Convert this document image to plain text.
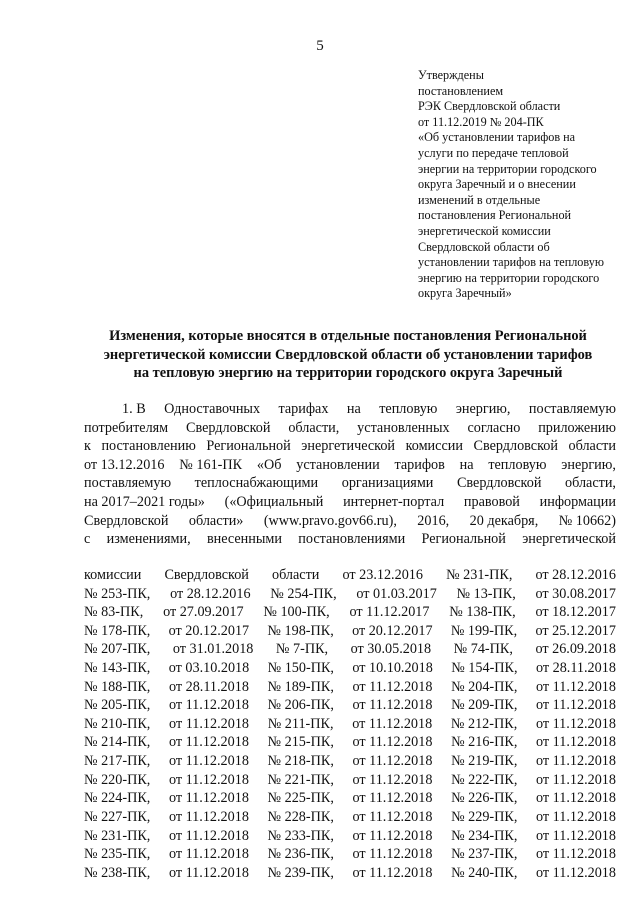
5
Утверждены
постановлением
РЭК Свердловской области
от 11.12.2019 № 204-ПК
«Об установлении тарифов на
услуги по передаче тепловой
энергии на территории городского
округа Заречный и о внесении
изменений в отдельные
постановления Региональной
энергетической комиссии
Свердловской области об
установлении тарифов на тепловую
энергию на территории городского
округа Заречный»
Изменения, которые вносятся в отдельные постановления Региональной
энергетической комиссии Свердловской области об установлении тарифов
на тепловую энергию на территории городского округа Заречный
1. В Одноставочных тарифах на тепловую энергию, поставляемую
потребителям Свердловской области, установленных согласно приложению
к постановлению Региональной энергетической комиссии Свердловской области
от 13.12.2016 № 161-ПК «Об установлении тарифов на тепловую энергию,
поставляемую теплоснабжающими организациями Свердловской области,
на 2017–2021 годы» («Официальный интернет-портал правовой информации
Свердловской области» (www.pravo.gov66.ru), 2016, 20 декабря, № 10662)
с изменениями, внесенными постановлениями Региональной энергетической
комиссии Свердловской области от 23.12.2016 № 231-ПК, от 28.12.2016
№ 253-ПК, от 28.12.2016 № 254-ПК, от 01.03.2017 № 13-ПК, от 30.08.2017
№ 83-ПК, от 27.09.2017 № 100-ПК, от 11.12.2017 № 138-ПК, от 18.12.2017
№ 178-ПК, от 20.12.2017 № 198-ПК, от 20.12.2017 № 199-ПК, от 25.12.2017
№ 207-ПК, от 31.01.2018 № 7-ПК, от 30.05.2018 № 74-ПК, от 26.09.2018
№ 143-ПК, от 03.10.2018 № 150-ПК, от 10.10.2018 № 154-ПК, от 28.11.2018
№ 188-ПК, от 28.11.2018 № 189-ПК, от 11.12.2018 № 204-ПК, от 11.12.2018
№ 205-ПК, от 11.12.2018 № 206-ПК, от 11.12.2018 № 209-ПК, от 11.12.2018
№ 210-ПК, от 11.12.2018 № 211-ПК, от 11.12.2018 № 212-ПК, от 11.12.2018
№ 214-ПК, от 11.12.2018 № 215-ПК, от 11.12.2018 № 216-ПК, от 11.12.2018
№ 217-ПК, от 11.12.2018 № 218-ПК, от 11.12.2018 № 219-ПК, от 11.12.2018
№ 220-ПК, от 11.12.2018 № 221-ПК, от 11.12.2018 № 222-ПК, от 11.12.2018
№ 224-ПК, от 11.12.2018 № 225-ПК, от 11.12.2018 № 226-ПК, от 11.12.2018
№ 227-ПК, от 11.12.2018 № 228-ПК, от 11.12.2018 № 229-ПК, от 11.12.2018
№ 231-ПК, от 11.12.2018 № 233-ПК, от 11.12.2018 № 234-ПК, от 11.12.2018
№ 235-ПК, от 11.12.2018 № 236-ПК, от 11.12.2018 № 237-ПК, от 11.12.2018
№ 238-ПК, от 11.12.2018 № 239-ПК, от 11.12.2018 № 240-ПК, от 11.12.2018
